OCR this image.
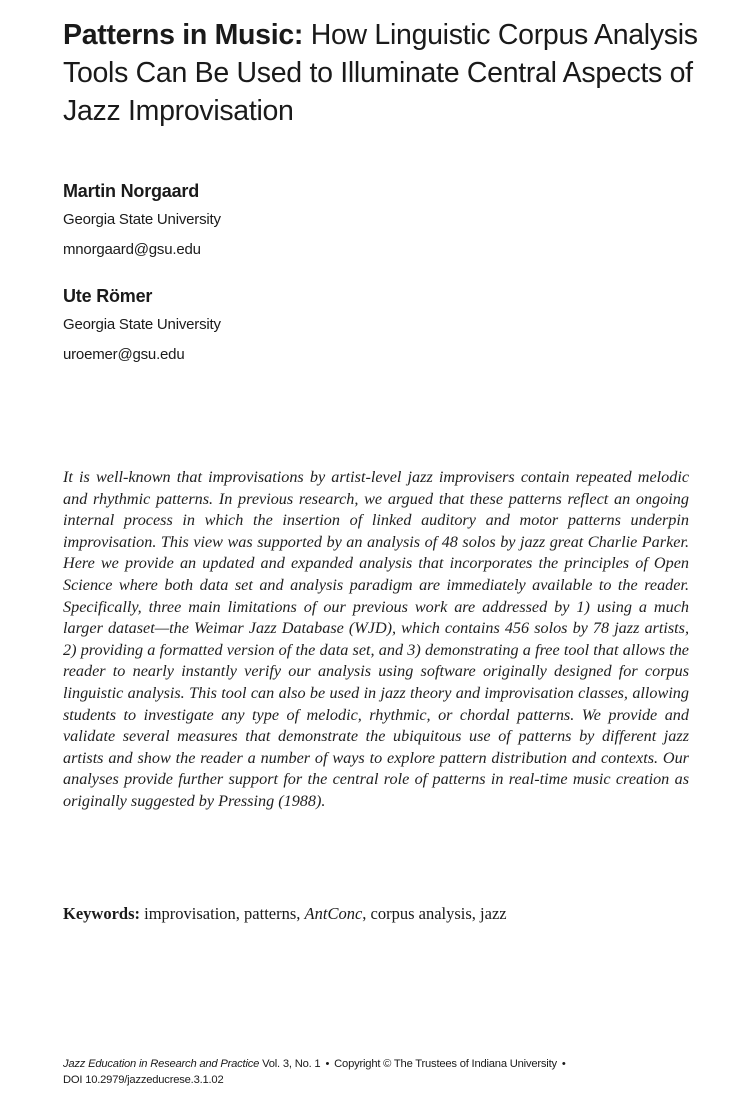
Patterns in Music: How Linguistic Corpus Analysis Tools Can Be Used to Illuminate Central Aspects of Jazz Improvisation

Martin Norgaard

Georgia State University

mnorgaard@gsu.edu

Ute Römer

Georgia State University

uroemer@gsu.edu

It is well-known that improvisations by artist-level jazz improvisers contain repeated melodic and rhythmic patterns. In previous research, we argued that these patterns reflect an ongoing internal process in which the insertion of linked auditory and motor patterns underpin improvisation. This view was supported by an analysis of 48 solos by jazz great Charlie Parker. Here we provide an updated and expanded analysis that incorporates the principles of Open Science where both data set and analysis paradigm are immediately available to the reader. Specifically, three main limitations of our previous work are addressed by 1) using a much larger dataset—the Weimar Jazz Database (WJD), which contains 456 solos by 78 jazz artists, 2) providing a formatted version of the data set, and 3) demonstrating a free tool that allows the reader to nearly instantly verify our analysis using software originally designed for corpus linguistic analysis. This tool can also be used in jazz theory and improvisation classes, allowing students to investigate any type of melodic, rhythmic, or chordal patterns. We provide and validate several measures that demonstrate the ubiquitous use of patterns by different jazz artists and show the reader a number of ways to explore pattern distribution and contexts. Our analyses provide further support for the central role of patterns in real-time music creation as originally suggested by Pressing (1988).

Keywords: improvisation, patterns, AntConc, corpus analysis, jazz

Jazz Education in Research and Practice Vol. 3, No. 1 • Copyright © The Trustees of Indiana University •
DOI 10.2979/jazzeducrese.3.1.02
